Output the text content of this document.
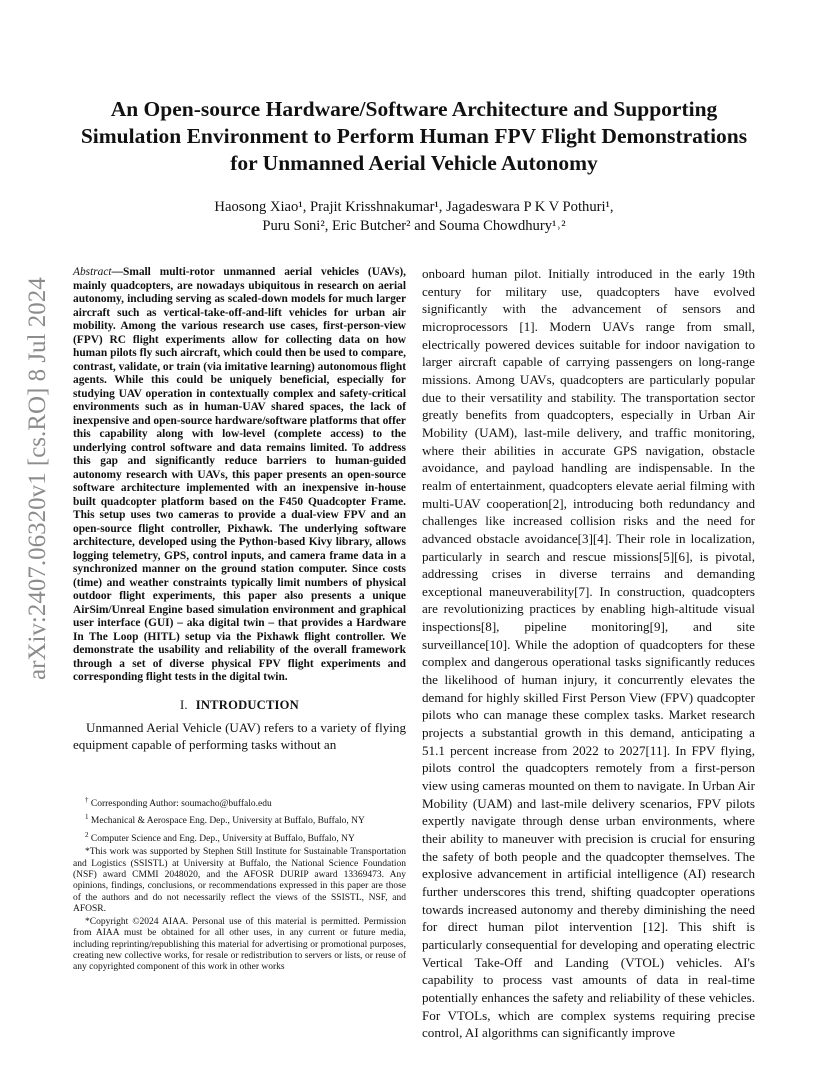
arXiv:2407.06320v1 [cs.RO] 8 Jul 2024
An Open-source Hardware/Software Architecture and Supporting Simulation Environment to Perform Human FPV Flight Demonstrations for Unmanned Aerial Vehicle Autonomy
Haosong Xiao¹, Prajit Krisshnakumar¹, Jagadeswara P K V Pothuri¹,
Puru Soni², Eric Butcher² and Souma Chowdhury¹˒²
Abstract—Small multi-rotor unmanned aerial vehicles (UAVs), mainly quadcopters, are nowadays ubiquitous in research on aerial autonomy, including serving as scaled-down models for much larger aircraft such as vertical-take-off-and-lift vehicles for urban air mobility. Among the various research use cases, first-person-view (FPV) RC flight experiments allow for collecting data on how human pilots fly such aircraft, which could then be used to compare, contrast, validate, or train (via imitative learning) autonomous flight agents. While this could be uniquely beneficial, especially for studying UAV operation in contextually complex and safety-critical environments such as in human-UAV shared spaces, the lack of inexpensive and open-source hardware/software platforms that offer this capability along with low-level (complete access) to the underlying control software and data remains limited. To address this gap and significantly reduce barriers to human-guided autonomy research with UAVs, this paper presents an open-source software architecture implemented with an inexpensive in-house built quadcopter platform based on the F450 Quadcopter Frame. This setup uses two cameras to provide a dual-view FPV and an open-source flight controller, Pixhawk. The underlying software architecture, developed using the Python-based Kivy library, allows logging telemetry, GPS, control inputs, and camera frame data in a synchronized manner on the ground station computer. Since costs (time) and weather constraints typically limit numbers of physical outdoor flight experiments, this paper also presents a unique AirSim/Unreal Engine based simulation environment and graphical user interface (GUI) – aka digital twin – that provides a Hardware In The Loop (HITL) setup via the Pixhawk flight controller. We demonstrate the usability and reliability of the overall framework through a set of diverse physical FPV flight experiments and corresponding flight tests in the digital twin.
I. INTRODUCTION

Unmanned Aerial Vehicle (UAV) refers to a variety of flying equipment capable of performing tasks without an

† Corresponding Author: soumacho@buffalo.edu

$^1$ Mechanical & Aerospace Eng. Dep., University at Buffalo, Buffalo, NY

$^2$ Computer Science and Eng. Dep., University at Buffalo, Buffalo, NY

*This work was supported by Stephen Still Institute for Sustainable Transportation and Logistics (SSISTL) at University at Buffalo, the National Science Foundation (NSF) award CMMI 2048020, and the AFOSR DURIP award 13369473. Any opinions, findings, conclusions, or recommendations expressed in this paper are those of the authors and do not necessarily reflect the views of the SSISTL, NSF, and AFOSR.

*Copyright ©2024 AIAA. Personal use of this material is permitted. Permission from AIAA must be obtained for all other uses, in any current or future media, including reprinting/republishing this material for advertising or promotional purposes, creating new collective works, for resale or redistribution to servers or lists, or reuse of any copyrighted component of this work in other works

onboard human pilot. Initially introduced in the early 19th century for military use, quadcopters have evolved significantly with the advancement of sensors and microprocessors [1]. Modern UAVs range from small, electrically powered devices suitable for indoor navigation to larger aircraft capable of carrying passengers on long-range missions. Among UAVs, quadcopters are particularly popular due to their versatility and stability. The transportation sector greatly benefits from quadcopters, especially in Urban Air Mobility (UAM), last-mile delivery, and traffic monitoring, where their abilities in accurate GPS navigation, obstacle avoidance, and payload handling are indispensable. In the realm of entertainment, quadcopters elevate aerial filming with multi-UAV cooperation[2], introducing both redundancy and challenges like increased collision risks and the need for advanced obstacle avoidance[3][4]. Their role in localization, particularly in search and rescue missions[5][6], is pivotal, addressing crises in diverse terrains and demanding exceptional maneuverability[7]. In construction, quadcopters are revolutionizing practices by enabling high-altitude visual inspections[8], pipeline monitoring[9], and site surveillance[10]. While the adoption of quadcopters for these complex and dangerous operational tasks significantly reduces the likelihood of human injury, it concurrently elevates the demand for highly skilled First Person View (FPV) quadcopter pilots who can manage these complex tasks. Market research projects a substantial growth in this demand, anticipating a 51.1 percent increase from 2022 to 2027[11]. In FPV flying, pilots control the quadcopters remotely from a first-person view using cameras mounted on them to navigate. In Urban Air Mobility (UAM) and last-mile delivery scenarios, FPV pilots expertly navigate through dense urban environments, where their ability to maneuver with precision is crucial for ensuring the safety of both people and the quadcopter themselves. The explosive advancement in artificial intelligence (AI) research further underscores this trend, shifting quadcopter operations towards increased autonomy and thereby diminishing the need for direct human pilot intervention [12]. This shift is particularly consequential for developing and operating electric Vertical Take-Off and Landing (VTOL) vehicles. AI's capability to process vast amounts of data in real-time potentially enhances the safety and reliability of these vehicles. For VTOLs, which are complex systems requiring precise control, AI algorithms can significantly improve
